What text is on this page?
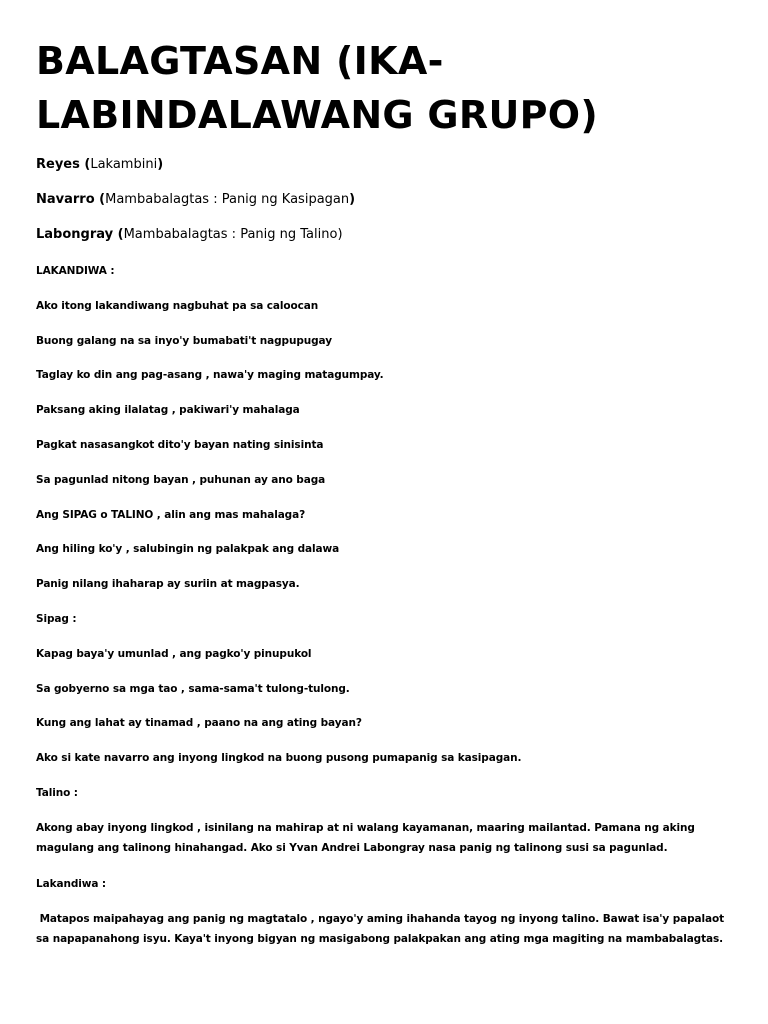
BALAGTASAN (IKA-LABINDALAWANG GRUPO)
Reyes (Lakambini)
Navarro (Mambabalagtas : Panig ng Kasipagan)
Labongray (Mambabalagtas : Panig ng Talino)
LAKANDIWA :
Ako itong lakandiwang nagbuhat pa sa caloocan
Buong galang na sa inyo'y bumabati't nagpupugay
Taglay ko din ang pag-asang , nawa'y maging matagumpay.
Paksang aking ilalatag , pakiwari'y mahalaga
Pagkat nasasangkot dito'y bayan nating sinisinta
Sa pagunlad nitong bayan , puhunan ay ano baga
Ang SIPAG o TALINO , alin ang mas mahalaga?
Ang hiling ko'y , salubingin ng palakpak ang dalawa
Panig nilang ihaharap ay suriin at magpasya.
Sipag :
Kapag baya'y umunlad , ang pagko'y pinupukol
Sa gobyerno sa mga tao , sama-sama't tulong-tulong.
Kung ang lahat ay tinamad , paano na ang ating bayan?
Ako si kate navarro ang inyong lingkod na buong pusong pumapanig sa kasipagan.
Talino :
Akong abay inyong lingkod , isinilang na mahirap at ni walang kayamanan, maaring mailantad. Pamana ng aking magulang ang talinong hinahangad. Ako si Yvan Andrei Labongray nasa panig ng talinong susi sa pagunlad.
Lakandiwa :
Matapos maipahayag ang panig ng magtatalo , ngayo'y aming ihahanda tayog ng inyong talino. Bawat isa'y papalaot sa napapanahong isyu. Kaya't inyong bigyan ng masigabong palakpakan ang ating mga magiting na mambabalagtas.
